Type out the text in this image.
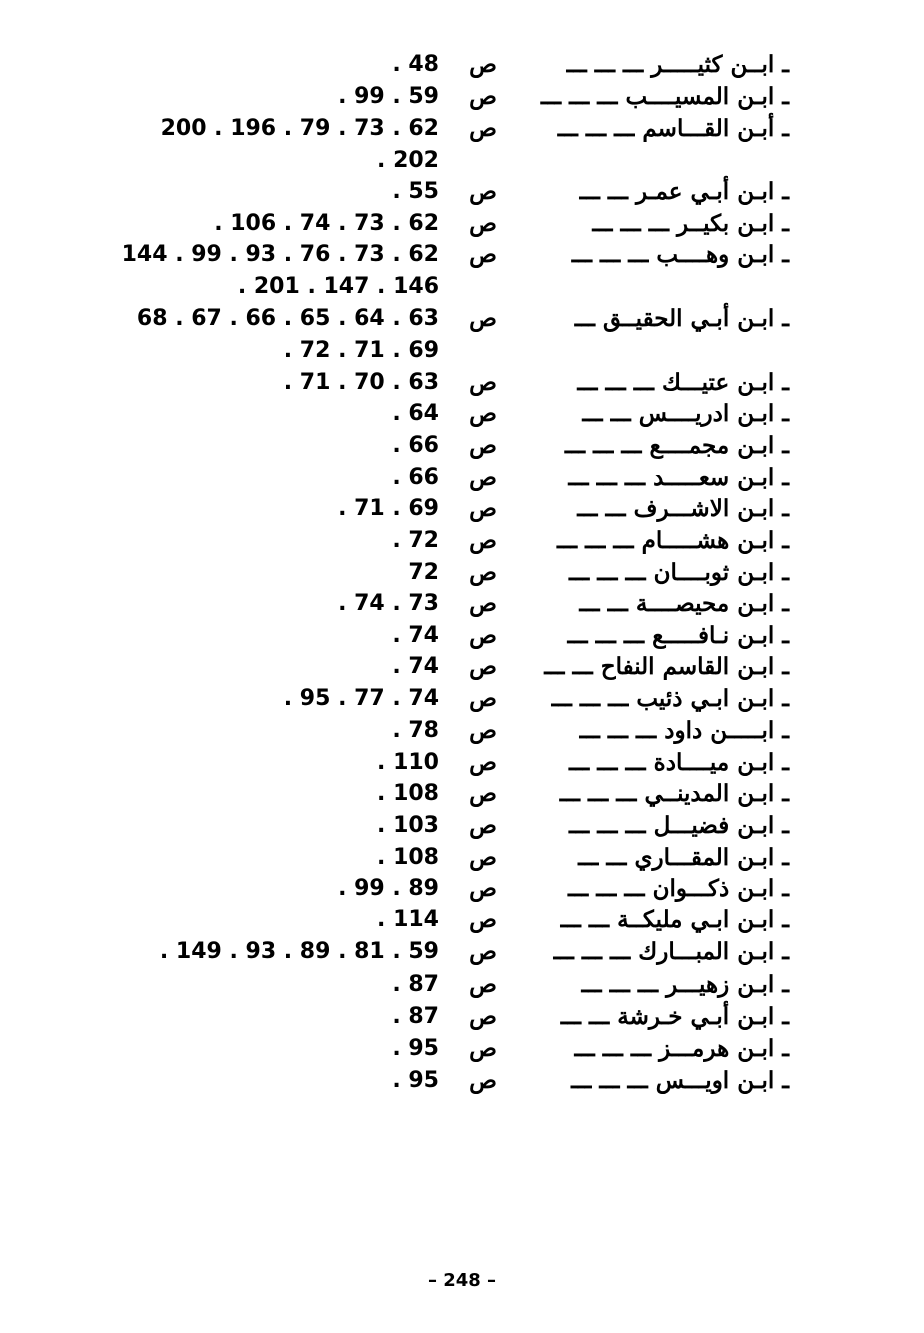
ـ ابــن كثيـــــر ـــ ـــ ـــ
ص
. 48
ـ ابـن المسيــــب ـــ ـــ ـــ
ص
. 99 . 59
ـ أبـن القـــاسم ـــ ـــ ـــ
ص
200 . 196 . 79 . 73 . 62
. 202
ـ ابـن أبـي عمـر ـــ ـــ
ص
. 55
ـ ابـن بكيــر ـــ ـــ ـــ
ص
. 106 . 74 . 73 . 62
ـ ابـن وهــــب ـــ ـــ ـــ
ص
144 . 99 . 93 . 76 . 73 . 62
. 201 . 147 . 146
ـ ابـن أبـي الحقيــق ـــ
ص
68 . 67 . 66 . 65 . 64 . 63
. 72 . 71 . 69
ـ ابـن عتيـــك ـــ ـــ ـــ
ص
. 71 . 70 . 63
ـ ابـن ادريــــس ـــ ـــ
ص
. 64
ـ ابـن مجمــــع ـــ ـــ ـــ
ص
. 66
ـ ابـن سعـــــد ـــ ـــ ـــ
ص
. 66
ـ ابـن الاشـــرف ـــ ـــ
ص
. 71 . 69
ـ ابـن هشـــــام ـــ ـــ ـــ
ص
. 72
ـ ابـن ثوبــــان ـــ ـــ ـــ
ص
72
ـ ابـن محيصــــة ـــ ـــ
ص
. 74 . 73
ـ ابـن نـافـــــع ـــ ـــ ـــ
ص
. 74
ـ ابـن القاسم النفاح ـــ ـــ
ص
. 74
ـ ابـن ابـي ذئيب ـــ ـــ ـــ
ص
. 95 . 77 . 74
ـ ابـــــن داود ـــ ـــ ـــ
ص
. 78
ـ ابـن ميــــادة ـــ ـــ ـــ
ص
. 110
ـ ابـن المدينــي ـــ ـــ ـــ
ص
. 108
ـ ابـن فضيـــل ـــ ـــ ـــ
ص
. 103
ـ ابـن المقـــاري ـــ ـــ
ص
. 108
ـ ابـن ذكـــوان ـــ ـــ ـــ
ص
. 99 . 89
ـ ابـن ابـي مليكــة ـــ ـــ
ص
. 114
ـ ابـن المبـــارك ـــ ـــ ـــ
ص
. 149 . 93 . 89 . 81 . 59
ـ ابـن زهيـــر ـــ ـــ ـــ
ص
. 87
ـ ابـن أبـي خـرشة ـــ ـــ
ص
. 87
ـ ابـن هرمـــز ـــ ـــ ـــ
ص
. 95
ـ ابـن اويـــس ـــ ـــ ـــ
ص
. 95
– 248 –
